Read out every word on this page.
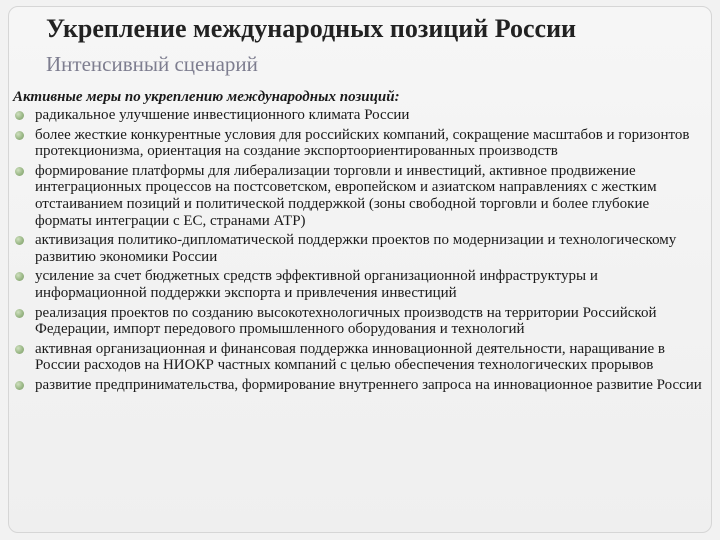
Укрепление международных позиций России
Интенсивный сценарий
Активные меры по укреплению международных позиций:
радикальное улучшение инвестиционного климата России
более жесткие конкурентные условия для российских компаний, сокращение масштабов и горизонтов протекционизма, ориентация на создание экспортоориентированных производств
формирование платформы для либерализации торговли и инвестиций, активное продвижение интеграционных процессов на постсоветском, европейском и азиатском направлениях с жестким отстаиванием позиций и политической поддержкой (зоны свободной торговли и более глубокие форматы интеграции с ЕС, странами АТР)
активизация политико-дипломатической поддержки проектов по модернизации и технологическому развитию экономики России
усиление за счет бюджетных средств эффективной организационной инфраструктуры и информационной поддержки экспорта и привлечения инвестиций
реализация проектов по созданию высокотехнологичных производств на территории Российской Федерации, импорт передового промышленного оборудования и технологий
активная организационная и финансовая поддержка инновационной деятельности, наращивание в России расходов на НИОКР частных компаний с целью обеспечения технологических прорывов
развитие предпринимательства, формирование внутреннего запроса на инновационное развитие России
